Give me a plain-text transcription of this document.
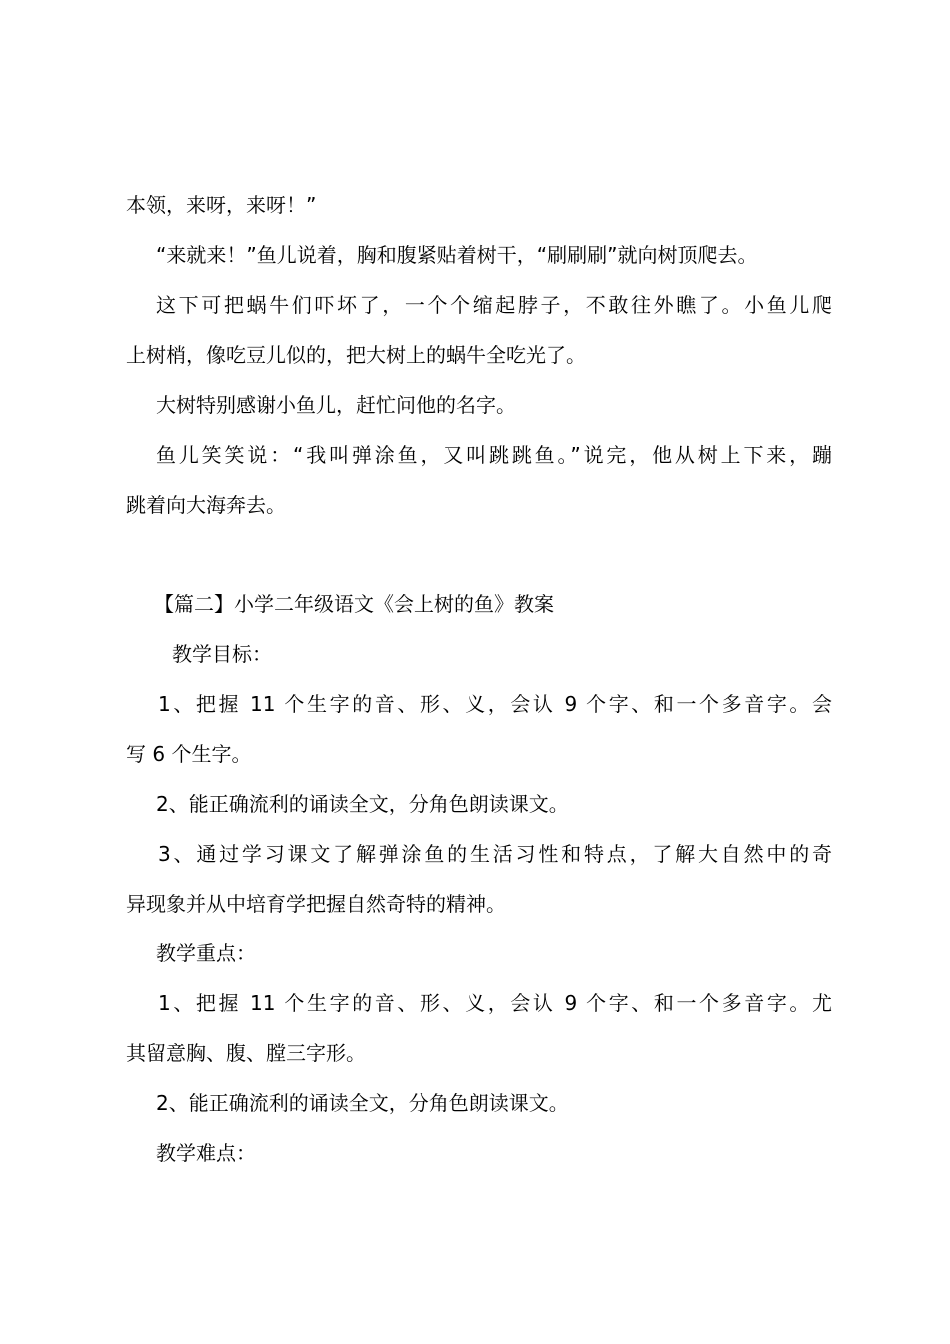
本领，来呀，来呀！”
“来就来！”鱼儿说着，胸和腹紧贴着树干，“刷刷刷”就向树顶爬去。
这下可把蜗牛们吓坏了，一个个缩起脖子，不敢往外瞧了。小鱼儿爬
上树梢，像吃豆儿似的，把大树上的蜗牛全吃光了。
大树特别感谢小鱼儿，赶忙问他的名字。
鱼儿笑笑说：“我叫弹涂鱼，又叫跳跳鱼。”说完，他从树上下来，蹦
跳着向大海奔去。
【篇二】小学二年级语文《会上树的鱼》教案
教学目标：
1、把握 11 个生字的音、形、义，会认 9 个字、和一个多音字。会
写 6 个生字。
2、能正确流利的诵读全文，分角色朗读课文。
3、通过学习课文了解弹涂鱼的生活习性和特点，了解大自然中的奇
异现象并从中培育学把握自然奇特的精神。
教学重点：
1、把握 11 个生字的音、形、义，会认 9 个字、和一个多音字。尤
其留意胸、腹、膛三字形。
2、能正确流利的诵读全文，分角色朗读课文。
教学难点：
